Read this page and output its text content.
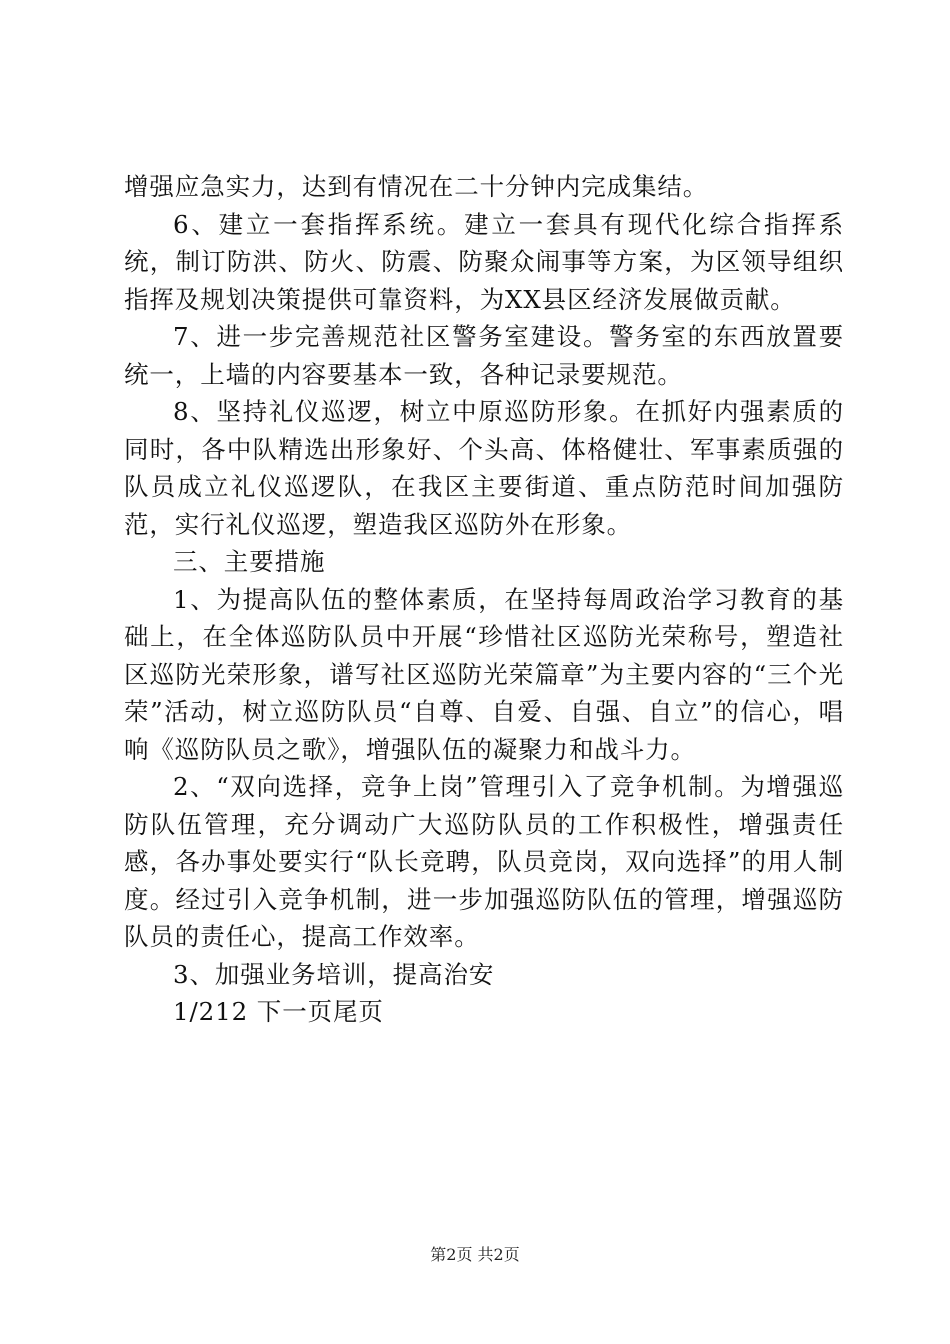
增强应急实力，达到有情况在二十分钟内完成集结。

6、建立一套指挥系统。建立一套具有现代化综合指挥系统，制订防洪、防火、防震、防聚众闹事等方案，为区领导组织指挥及规划决策提供可靠资料，为XX县区经济发展做贡献。

7、进一步完善规范社区警务室建设。警务室的东西放置要统一，上墙的内容要基本一致，各种记录要规范。

8、坚持礼仪巡逻，树立中原巡防形象。在抓好内强素质的同时，各中队精选出形象好、个头高、体格健壮、军事素质强的队员成立礼仪巡逻队，在我区主要街道、重点防范时间加强防范，实行礼仪巡逻，塑造我区巡防外在形象。

三、主要措施

1、为提高队伍的整体素质，在坚持每周政治学习教育的基础上，在全体巡防队员中开展“珍惜社区巡防光荣称号，塑造社区巡防光荣形象，谱写社区巡防光荣篇章”为主要内容的“三个光荣”活动，树立巡防队员“自尊、自爱、自强、自立”的信心，唱响《巡防队员之歌》，增强队伍的凝聚力和战斗力。

2、“双向选择，竞争上岗”管理引入了竞争机制。为增强巡防队伍管理，充分调动广大巡防队员的工作积极性，增强责任感，各办事处要实行“队长竞聘，队员竞岗，双向选择”的用人制度。经过引入竞争机制，进一步加强巡防队伍的管理，增强巡防队员的责任心，提高工作效率。

3、加强业务培训，提高治安

1/212 下一页尾页

第2页 共2页
